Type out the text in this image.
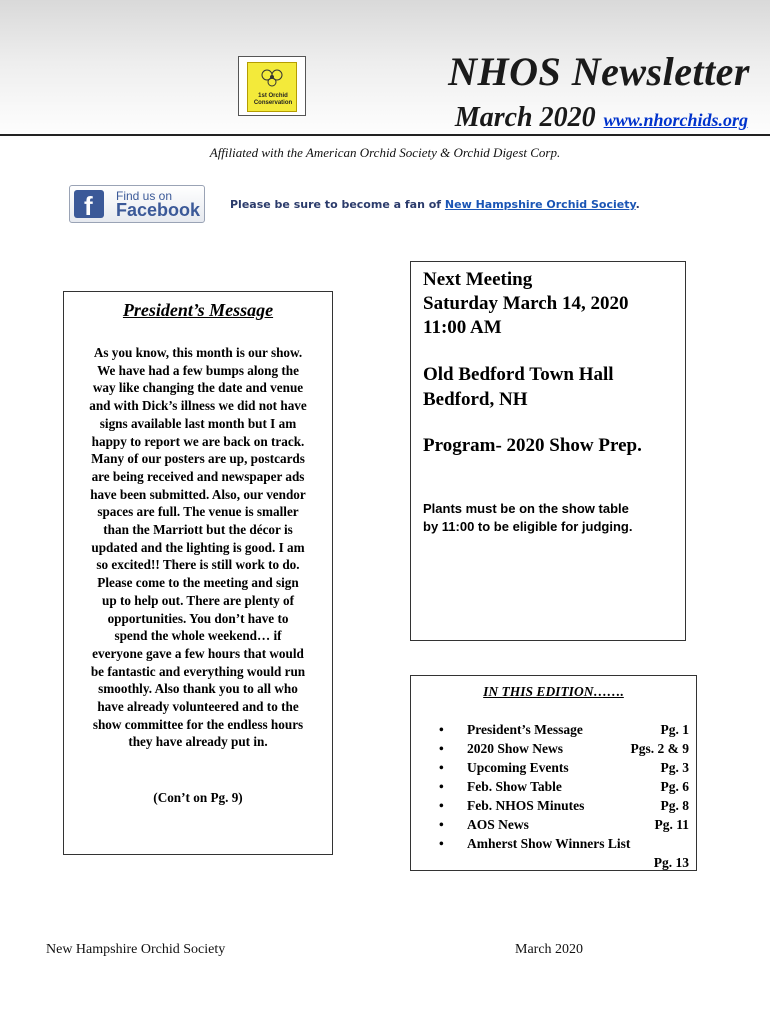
1st Orchid
Conservation
NHOS Newsletter
March 2020 www.nhorchids.org
Affiliated with the American Orchid Society & Orchid Digest Corp.
f Find us on
Facebook	Please be sure to become a fan of New Hampshire Orchid Society.
President’s Message
As you know, this month is our show.
We have had a few bumps along the
way like changing the date and venue
and with Dick’s illness we did not have
signs available last month but I am
happy to report we are back on track.
Many of our posters are up, postcards
are being received and newspaper ads
have been submitted. Also, our vendor
spaces are full. The venue is smaller
than the Marriott but the décor is
updated and the lighting is good. I am
so excited!! There is still work to do.
Please come to the meeting and sign
up to help out. There are plenty of
opportunities. You don’t have to
spend the whole weekend… if
everyone gave a few hours that would
be fantastic and everything would run
smoothly. Also thank you to all who
have already volunteered and to the
show committee for the endless hours
they have already put in.
(Con’t on Pg. 9)
Next Meeting
Saturday March 14, 2020
11:00 AM
Old Bedford Town Hall
Bedford, NH
Program- 2020 Show Prep.
Plants must be on the show table
by 11:00 to be eligible for judging.
IN THIS EDITION…….
• President’s Message	Pg. 1
• 2020 Show News	Pgs. 2 & 9
• Upcoming Events	Pg. 3
• Feb. Show Table	Pg. 6
• Feb. NHOS Minutes	Pg. 8
• AOS News	Pg. 11
• Amherst Show Winners List
Pg. 13
New Hampshire Orchid Society	March 2020
